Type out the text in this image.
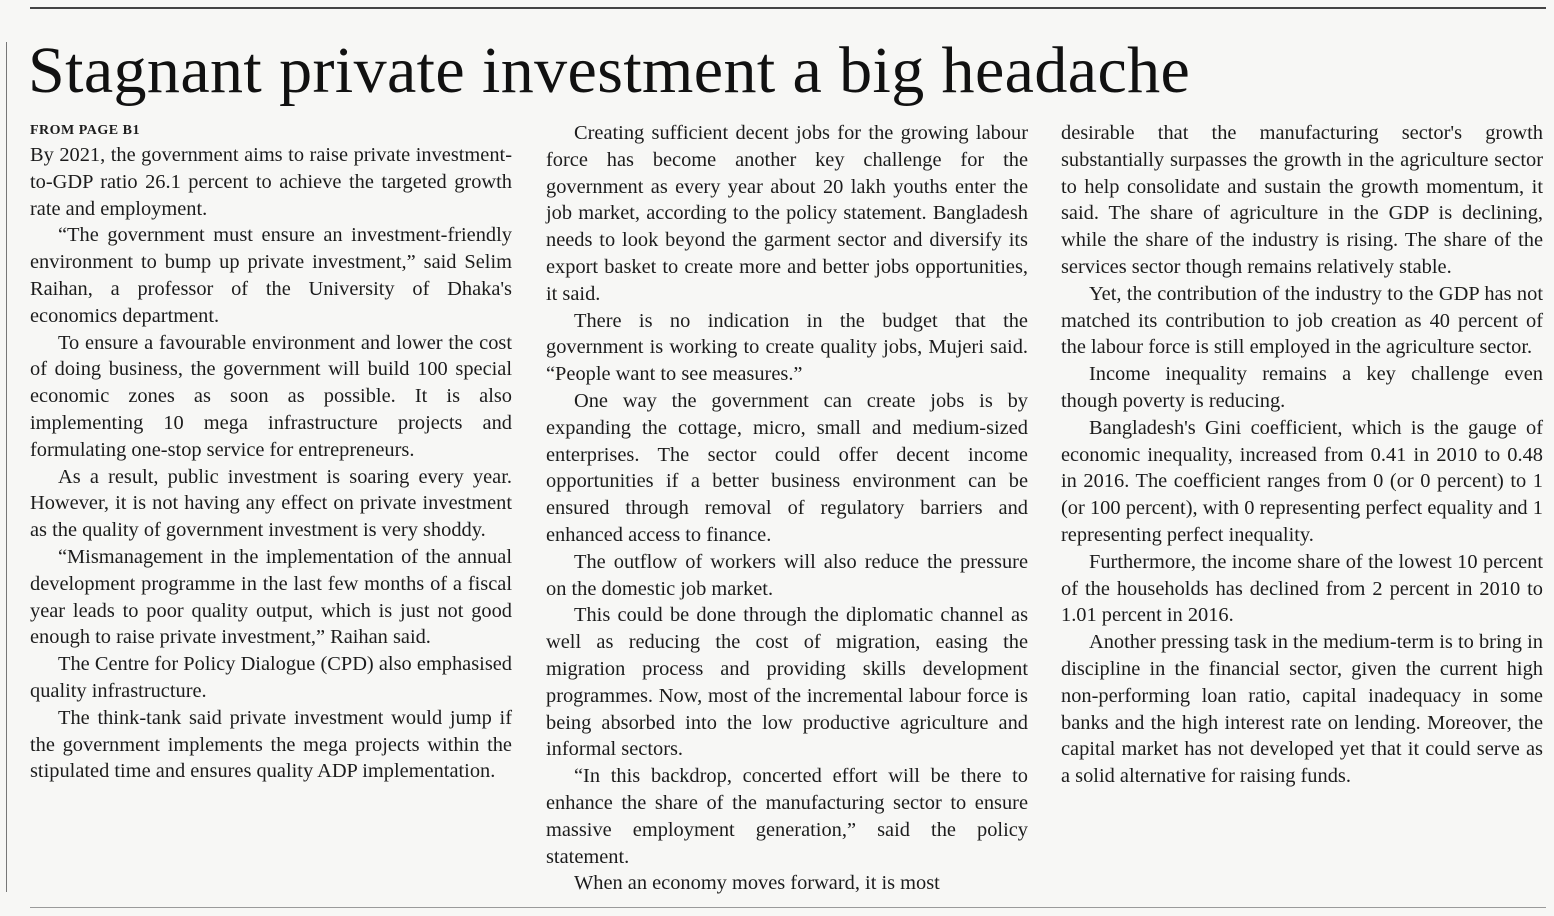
Stagnant private investment a big headache
FROM PAGE B1

By 2021, the government aims to raise private investment-to-GDP ratio 26.1 percent to achieve the targeted growth rate and employment.

“The government must ensure an investment-friendly environment to bump up private investment,” said Selim Raihan, a professor of the University of Dhaka's economics department.

To ensure a favourable environment and lower the cost of doing business, the government will build 100 special economic zones as soon as possible. It is also implementing 10 mega infrastructure projects and formulating one-stop service for entrepreneurs.

As a result, public investment is soaring every year. However, it is not having any effect on private investment as the quality of government investment is very shoddy.

“Mismanagement in the implementation of the annual development programme in the last few months of a fiscal year leads to poor quality output, which is just not good enough to raise private investment,” Raihan said.

The Centre for Policy Dialogue (CPD) also emphasised quality infrastructure.

The think-tank said private investment would jump if the government implements the mega projects within the stipulated time and ensures quality ADP implementation.

Creating sufficient decent jobs for the growing labour force has become another key challenge for the government as every year about 20 lakh youths enter the job market, according to the policy statement. Bangladesh needs to look beyond the garment sector and diversify its export basket to create more and better jobs opportunities, it said.

There is no indication in the budget that the government is working to create quality jobs, Mujeri said. “People want to see measures.”

One way the government can create jobs is by expanding the cottage, micro, small and medium-sized enterprises. The sector could offer decent income opportunities if a better business environment can be ensured through removal of regulatory barriers and enhanced access to finance.

The outflow of workers will also reduce the pressure on the domestic job market.

This could be done through the diplomatic channel as well as reducing the cost of migration, easing the migration process and providing skills development programmes. Now, most of the incremental labour force is being absorbed into the low productive agriculture and informal sectors.

“In this backdrop, concerted effort will be there to enhance the share of the manufacturing sector to ensure massive employment generation,” said the policy statement.

When an economy moves forward, it is most

desirable that the manufacturing sector's growth substantially surpasses the growth in the agriculture sector to help consolidate and sustain the growth momentum, it said. The share of agriculture in the GDP is declining, while the share of the industry is rising. The share of the services sector though remains relatively stable.

Yet, the contribution of the industry to the GDP has not matched its contribution to job creation as 40 percent of the labour force is still employed in the agriculture sector.

Income inequality remains a key challenge even though poverty is reducing.

Bangladesh's Gini coefficient, which is the gauge of economic inequality, increased from 0.41 in 2010 to 0.48 in 2016. The coefficient ranges from 0 (or 0 percent) to 1 (or 100 percent), with 0 representing perfect equality and 1 representing perfect inequality.

Furthermore, the income share of the lowest 10 percent of the households has declined from 2 percent in 2010 to 1.01 percent in 2016.

Another pressing task in the medium-term is to bring in discipline in the financial sector, given the current high non-performing loan ratio, capital inadequacy in some banks and the high interest rate on lending. Moreover, the capital market has not developed yet that it could serve as a solid alternative for raising funds.
